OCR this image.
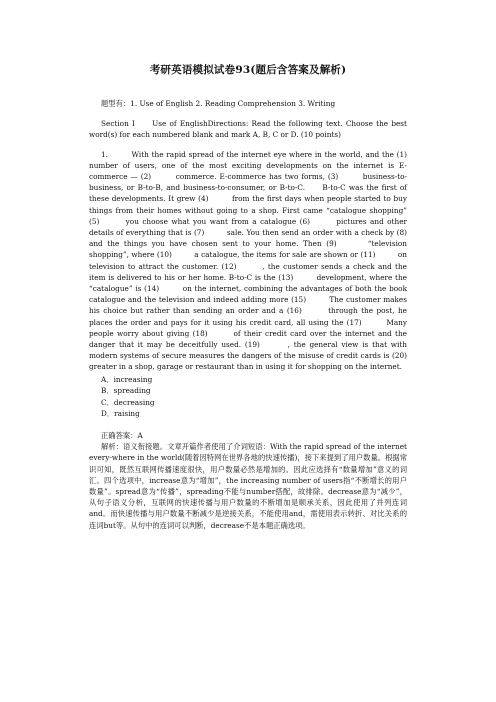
考研英语模拟试卷93(题后含答案及解析)

题型有：1. Use of English 2. Reading Comprehension 3. Writing

Section I　　Use of EnglishDirections: Read the following text. Choose the best word(s) for each numbered blank and mark A, B, C or D. (10 points)

1.　　　With the rapid spread of the internet eye where in the world, and the (1)　　　number of users, one of the most exciting developments on the internet is E-commerce — (2)　　　commerce. E-commerce has two forms, (3)　　　business-to-business, or B-to-B, and business-to-consumer, or B-to-C.　　B-to-C was the first of these developments. It grew (4)　　　from the first days when people started to buy things from their homes without going to a shop. First came “catalogue shopping” (5)　　　you choose what you want from a catalogue (6)　　　pictures and other details of everything that is (7)　　　sale. You then send an order with a check by (8)　　　and the things you have chosen sent to your home. Then (9)　　　“television shopping”, where (10)　　　a catalogue, the items for sale are shown or (11)　　　on television to attract the customer. (12)　　　, the customer sends a check and the item is delivered to his or her home. B-to-C is the (13)　　　development, where the “catalogue” is (14)　　　on the internet, combining the advantages of both the book catalogue and the television and indeed adding more (15)　　　The customer makes his choice but rather than sending an order and a (16)　　　through the post, he places the order and pays for it using his credit card, all using the (17)　　　Many people worry about giving (18)　　　of their credit card over the internet and the danger that it may be deceitfully used. (19)　　　, the general view is that with modern systems of secure measures the dangers of the misuse of credit cards is (20)　　　greater in a shop, garage or restaurant than in using it for shopping on the internet.

A．increasing
B．spreading
C．decreasing
D．raising

正确答案：A

解析：语义衔接题。文章开篇作者使用了介词短语：With the rapid spread of the internet every-where in the world(随着因特网在世界各地的快速传播)，接下来提到了用户数量。根据常识可知，既然互联网传播速度很快，用户数量必然是增加的。因此应选择有“数量增加”意义的词汇。四个选项中，increase意为“增加”，the increasing number of users指“不断增长的用户数量”。spread意为“传播”，spreading不能与number搭配，故排除。decrease意为“减少”，从句子语义分析，互联网的快速传播与用户数量的不断增加是顺承关系，因此使用了并列连词and。而快速传播与用户数量不断减少是逆接关系，不能使用and，需使用表示转折、对比关系的连词but等。从句中的连词可以判断，decrease不是本题正确选项。
